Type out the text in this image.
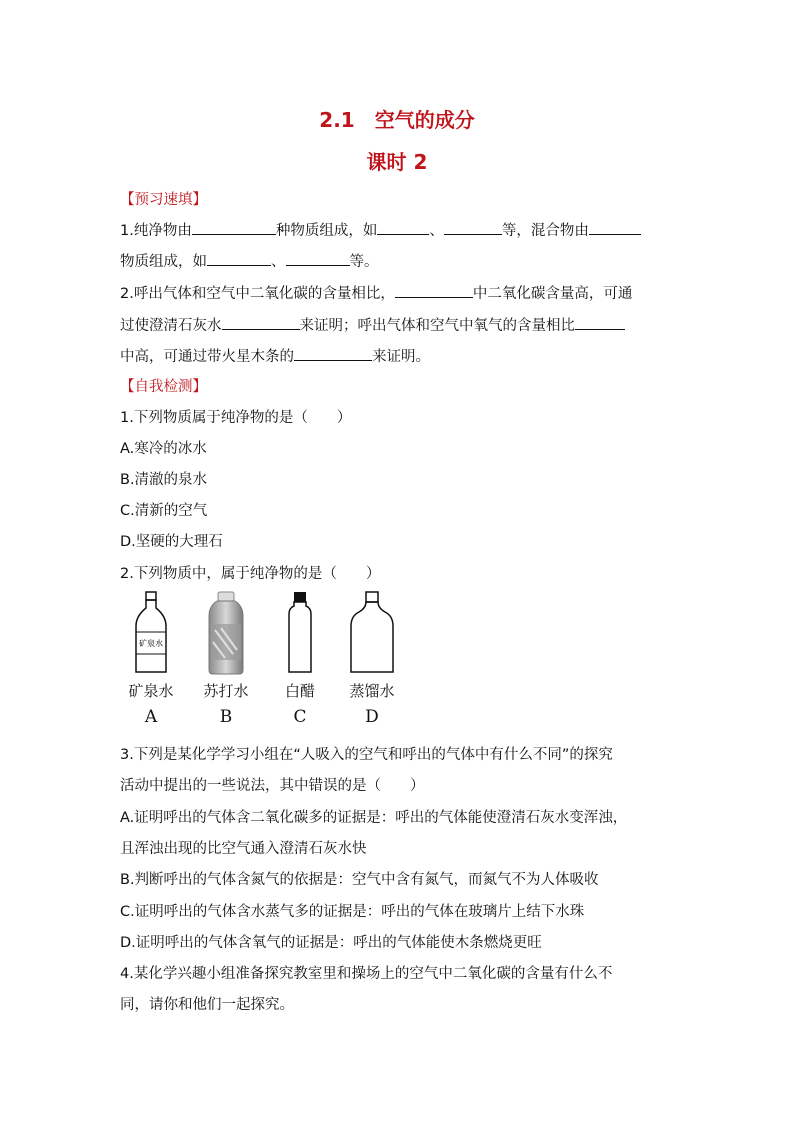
2.1　空气的成分
课时 2
【预习速填】
1.纯净物由	种物质组成，如	、	等，混合物由
物质组成，如	、	等。
2.呼出气体和空气中二氧化碳的含量相比，	中二氧化碳含量高，可通
过使澄清石灰水	来证明；呼出气体和空气中氧气的含量相比
中高，可通过带火星木条的	来证明。
【自我检测】
1.下列物质属于纯净物的是（　　）
A.寒冷的冰水
B.清澈的泉水
C.清新的空气
D.坚硬的大理石
2.下列物质中，属于纯净物的是（　　）
矿泉水
矿泉水
A
苏打水
B
白醋
C
蒸馏水
D
3.下列是某化学学习小组在“人吸入的空气和呼出的气体中有什么不同”的探究
活动中提出的一些说法，其中错误的是（　　）
A.证明呼出的气体含二氧化碳多的证据是：呼出的气体能使澄清石灰水变浑浊，
且浑浊出现的比空气通入澄清石灰水快
B.判断呼出的气体含氮气的依据是：空气中含有氮气，而氮气不为人体吸收
C.证明呼出的气体含水蒸气多的证据是：呼出的气体在玻璃片上结下水珠
D.证明呼出的气体含氧气的证据是：呼出的气体能使木条燃烧更旺
4.某化学兴趣小组准备探究教室里和操场上的空气中二氧化碳的含量有什么不
同，请你和他们一起探究。
